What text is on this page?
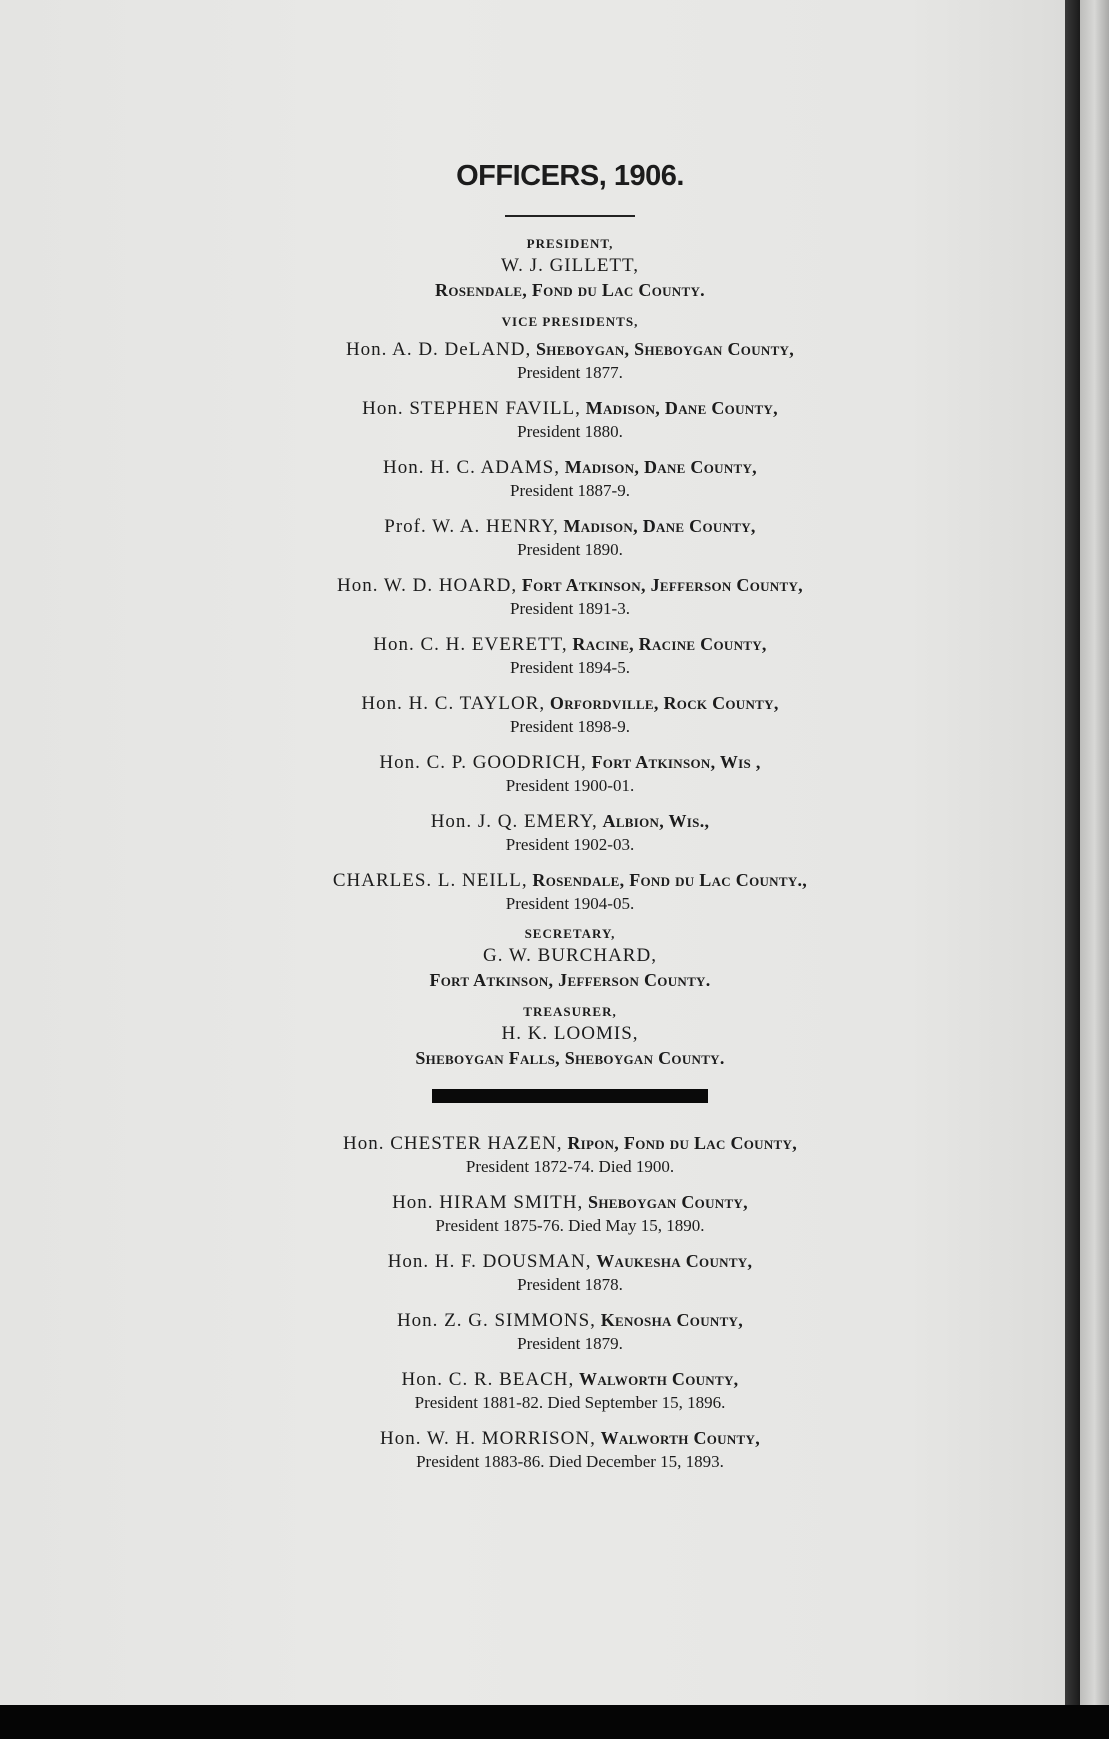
OFFICERS, 1906.
PRESIDENT,
W. J. GILLETT,
Rosendale, Fond du Lac County.
VICE PRESIDENTS,
Hon. A. D. DeLAND, Sheboygan, Sheboygan County,
President 1877.
Hon. STEPHEN FAVILL, Madison, Dane County,
President 1880.
Hon. H. C. ADAMS, Madison, Dane County,
President 1887-9.
Prof. W. A. HENRY, Madison, Dane County,
President 1890.
Hon. W. D. HOARD, Fort Atkinson, Jefferson County,
President 1891-3.
Hon. C. H. EVERETT, Racine, Racine County,
President 1894-5.
Hon. H. C. TAYLOR, Orfordville, Rock County,
President 1898-9.
Hon. C. P. GOODRICH, Fort Atkinson, Wis ,
President 1900-01.
Hon. J. Q. EMERY, Albion, Wis.,
President 1902-03.
CHARLES. L. NEILL, Rosendale, Fond du Lac County.,
President 1904-05.
SECRETARY,
G. W. BURCHARD,
Fort Atkinson, Jefferson County.
TREASURER,
H. K. LOOMIS,
Sheboygan Falls, Sheboygan County.
Hon. CHESTER HAZEN, Ripon, Fond du Lac County,
President 1872-74. Died 1900.
Hon. HIRAM SMITH, Sheboygan County,
President 1875-76. Died May 15, 1890.
Hon. H. F. DOUSMAN, Waukesha County,
President 1878.
Hon. Z. G. SIMMONS, Kenosha County,
President 1879.
Hon. C. R. BEACH, Walworth County,
President 1881-82. Died September 15, 1896.
Hon. W. H. MORRISON, Walworth County,
President 1883-86. Died December 15, 1893.
